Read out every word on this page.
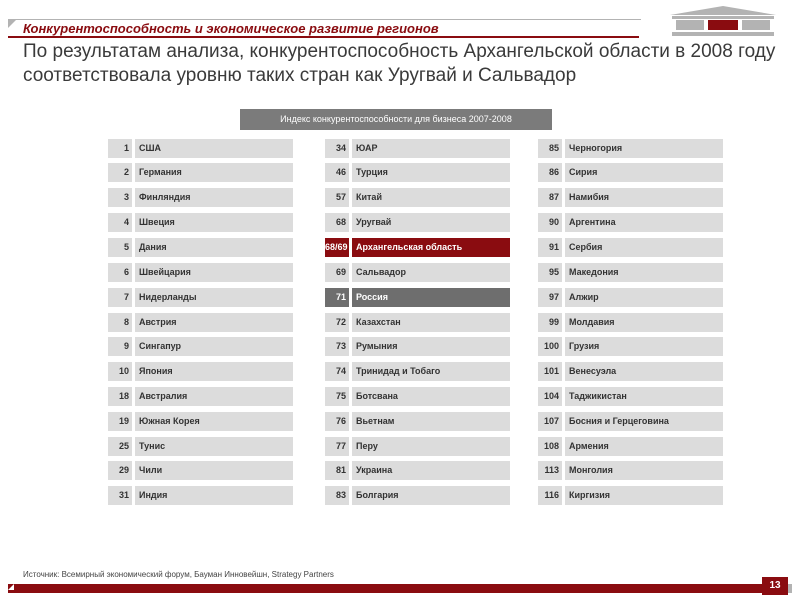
Конкурентоспособность и экономическое развитие регионов
По результатам анализа, конкурентоспособность Архангельской области в 2008 году соответствовала уровню таких стран как Уругвай и Сальвадор
Индекс конкурентоспособности для бизнеса 2007-2008
1	США
2	Германия
3	Финляндия
4	Швеция
5	Дания
6	Швейцария
7	Нидерланды
8	Австрия
9	Сингапур
10	Япония
18	Австралия
19	Южная Корея
25	Тунис
29	Чили
31	Индия
34	ЮАР
46	Турция
57	Китай
68	Уругвай
68/69 Архангельская область
69	Сальвадор
71	Россия
72	Казахстан
73	Румыния
74	Тринидад и Тобаго
75	Ботсвана
76	Вьетнам
77	Перу
81	Украина
83	Болгария
85	Черногория
86	Сирия
87	Намибия
90	Аргентина
91	Сербия
95	Македония
97	Алжир
99	Молдавия
100	Грузия
101	Венесуэла
104	Таджикистан
107	Босния и Герцеговина
108	Армения
113	Монголия
116	Киргизия
Источник: Всемирный экономический форум, Бауман Инновейшн, Strategy Partners
13
